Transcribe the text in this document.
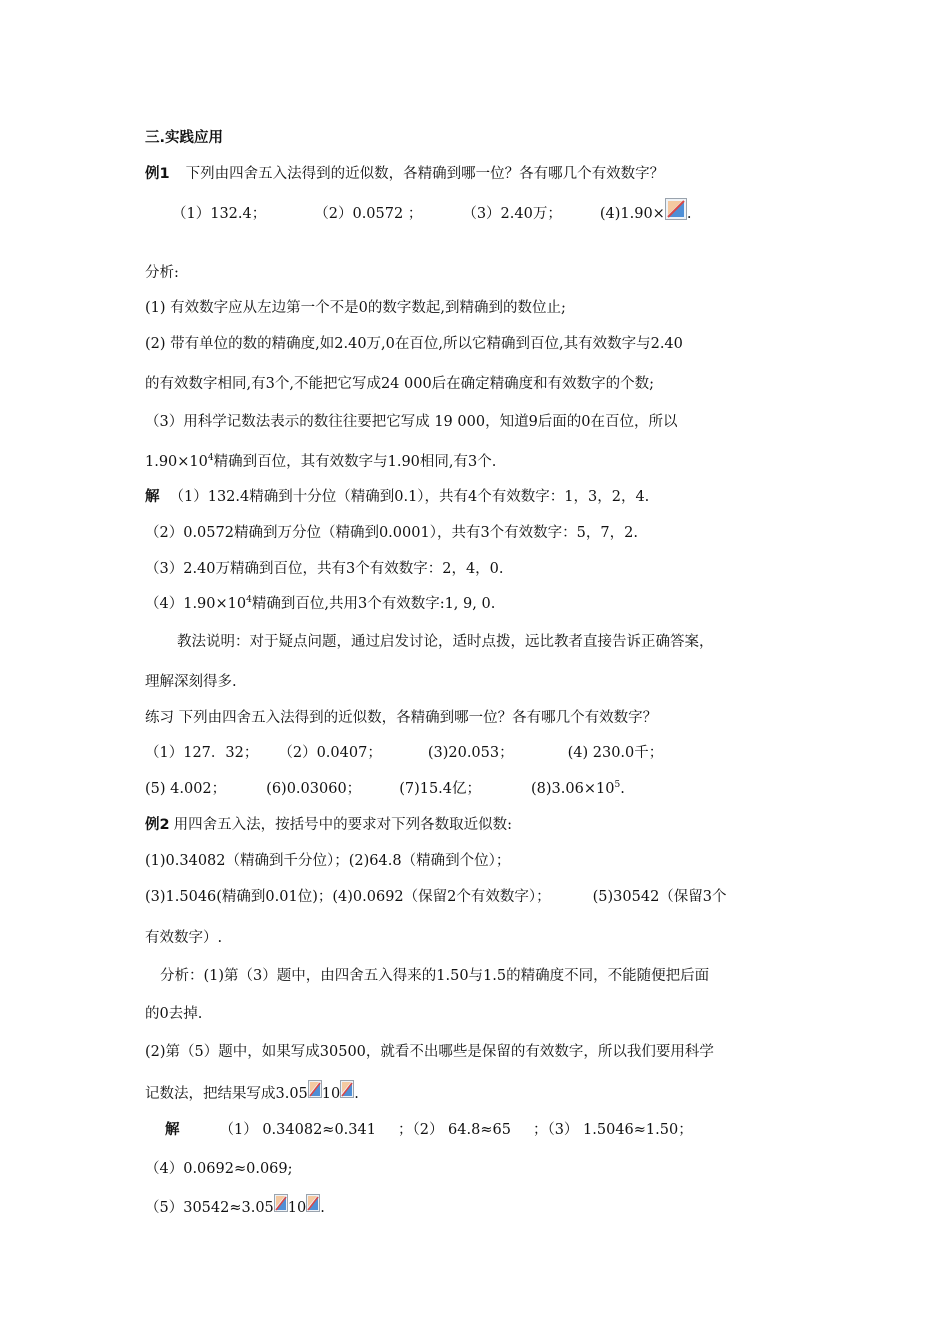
三.实践应用
例1 下列由四舍五入法得到的近似数，各精确到哪一位？各有哪几个有效数字？
（1）132.4；	（2）0.0572 ；	（3）2.40万；	(4)1.90× .
分析:
(1) 有效数字应从左边第一个不是0的数字数起,到精确到的数位止;
(2) 带有单位的数的精确度,如2.40万,0在百位,所以它精确到百位,其有效数字与2.40
的有效数字相同,有3个,不能把它写成24 000后在确定精确度和有效数字的个数;
（3）用科学记数法表示的数往往要把它写成 19 000，知道9后面的0在百位，所以
$1.90\times 10^4$精确到百位，其有效数字与1.90相同,有3个.
解 （1）132.4精确到十分位（精确到0.1），共有4个有效数字：1，3，2，4.
（2）0.0572精确到万分位（精确到0.0001），共有3个有效数字：5，7，2.
（3）2.40万精确到百位，共有3个有效数字：2，4，0.
$(4)1.90\times 10^4$精确到百位,共用3个有效数字:1, 9, 0.
教法说明：对于疑点问题，通过启发讨论，适时点拨，远比教者直接告诉正确答案，
理解深刻得多.
练习 下列由四舍五入法得到的近似数，各精确到哪一位？各有哪几个有效数字？
（1）127．32； （2）0.0407；	(3)20.053；	(4) 230.0千；
(5) 4.002；	(6)0.03060；	(7)15.4亿；	$(8)3.06\times 10^5$.
例2 用四舍五入法，按括号中的要求对下列各数取近似数:
(1)0.34082（精确到千分位）；(2)64.8（精确到个位）；
(3)1.5046(精确到0.01位)；(4)0.0692（保留2个有效数字）；	(5)30542（保留3个
有效数字）.
分析：(1)第（3）题中，由四舍五入得来的1.50与1.5的精确度不同，不能随便把后面
的0去掉.
(2)第（5）题中，如果写成30500，就看不出哪些是保留的有效数字，所以我们要用科学
记数法，把结果写成3.05 10 .
解	（1） 0.34082≈0.341 ；（2） 64.8≈65 ；（3） 1.5046≈1.50；
（4）0.0692≈0.069;
（5）30542≈3.05 10 .
